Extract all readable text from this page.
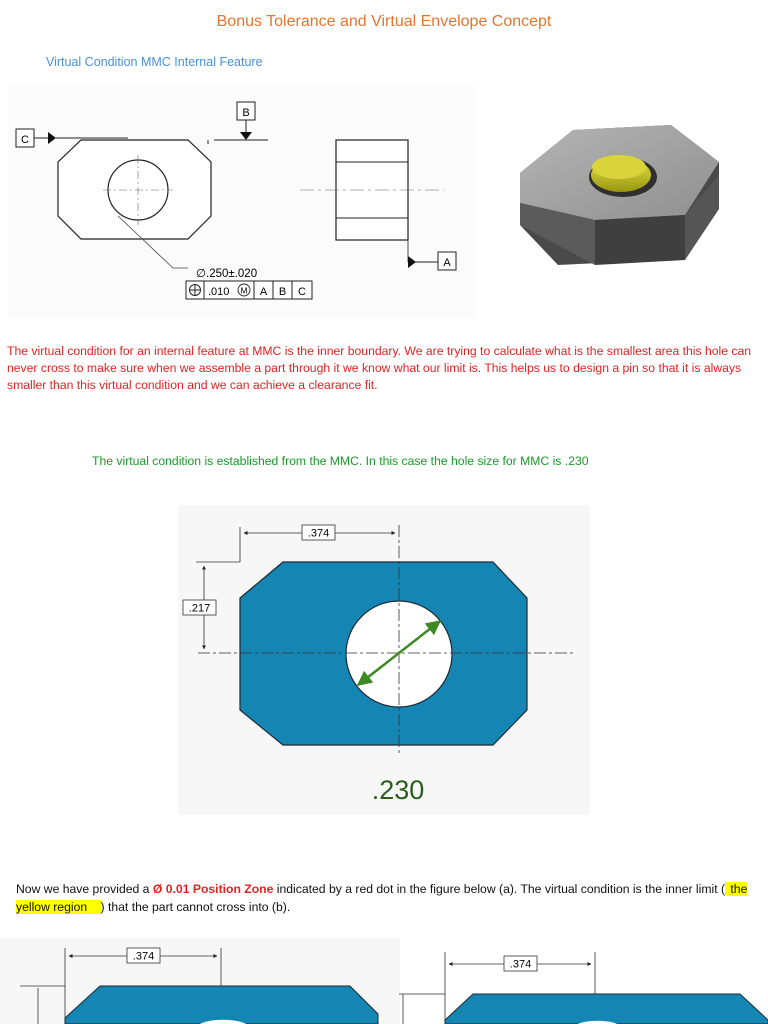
Bonus Tolerance and Virtual Envelope Concept
Virtual Condition MMC Internal Feature
C
B
∅.250±.020
.010 M A B C
A
The virtual condition for an internal feature at MMC is the inner boundary. We are trying to calculate what is the smallest area this hole can never cross to make sure when we assemble a part through it we know what our limit is. This helps us to design a pin so that it is always smaller than this virtual condition and we can achieve a clearance fit.
The virtual condition is established from the MMC. In this case the hole size for MMC is .230
.374
.217
.230
Now we have provided a Ø 0.01 Position Zone indicated by a red dot in the figure below (a). The virtual condition is the inner limit ( the yellow region ) that the part cannot cross into (b).
.374
.374
